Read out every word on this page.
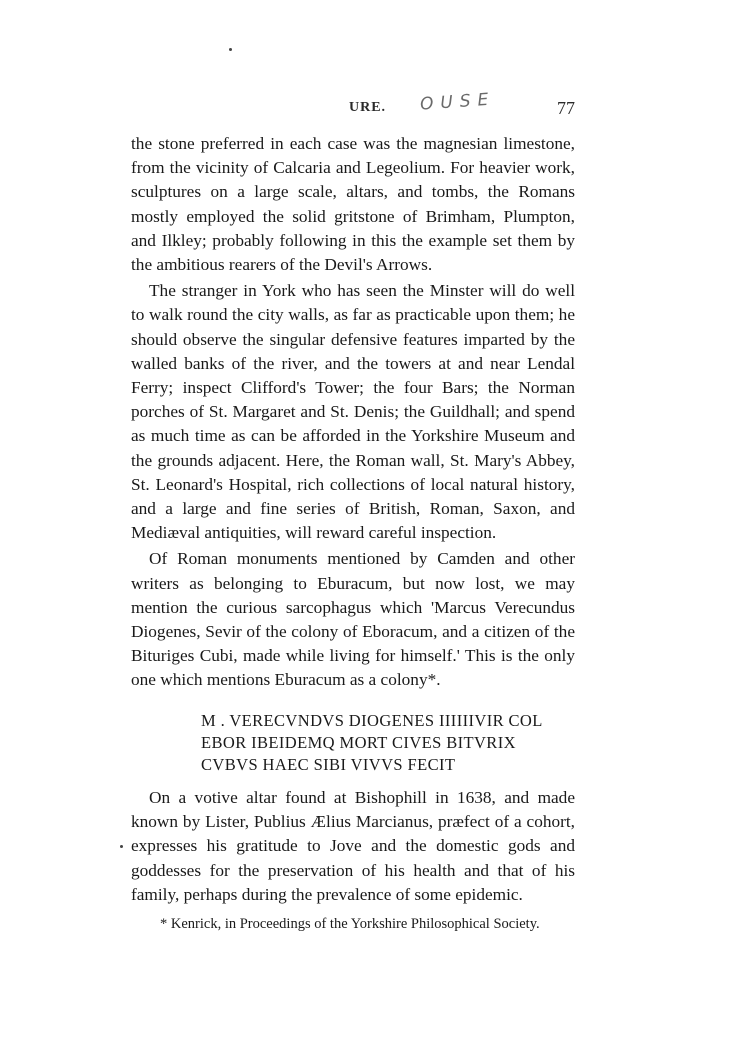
URE. OUSE	77

the stone preferred in each case was the magnesian limestone, from the vicinity of Calcaria and Legeolium. For heavier work, sculptures on a large scale, altars, and tombs, the Romans mostly employed the solid gritstone of Brimham, Plumpton, and Ilkley; probably following in this the example set them by the ambitious rearers of the Devil's Arrows.

The stranger in York who has seen the Minster will do well to walk round the city walls, as far as practicable upon them; he should observe the singular defensive features imparted by the walled banks of the river, and the towers at and near Lendal Ferry; inspect Clifford's Tower; the four Bars; the Norman porches of St. Margaret and St. Denis; the Guildhall; and spend as much time as can be afforded in the Yorkshire Museum and the grounds adjacent. Here, the Roman wall, St. Mary's Abbey, St. Leonard's Hospital, rich collections of local natural history, and a large and fine series of British, Roman, Saxon, and Mediæval antiquities, will reward careful inspection.

Of Roman monuments mentioned by Camden and other writers as belonging to Eburacum, but now lost, we may mention the curious sarcophagus which 'Marcus Verecundus Diogenes, Sevir of the colony of Eboracum, and a citizen of the Bituriges Cubi, made while living for himself.' This is the only one which mentions Eburacum as a colony*.

M . VERECVNDVS DIOGENES IIIIIIVIR COL
EBOR IBEIDEMQ MORT CIVES BITVRIX
CVBVS HAEC SIBI VIVVS FECIT

On a votive altar found at Bishophill in 1638, and made known by Lister, Publius Ælius Marcianus, præfect of a cohort, expresses his gratitude to Jove and the domestic gods and goddesses for the preservation of his health and that of his family, perhaps during the prevalence of some epidemic.

* Kenrick, in Proceedings of the Yorkshire Philosophical Society.
